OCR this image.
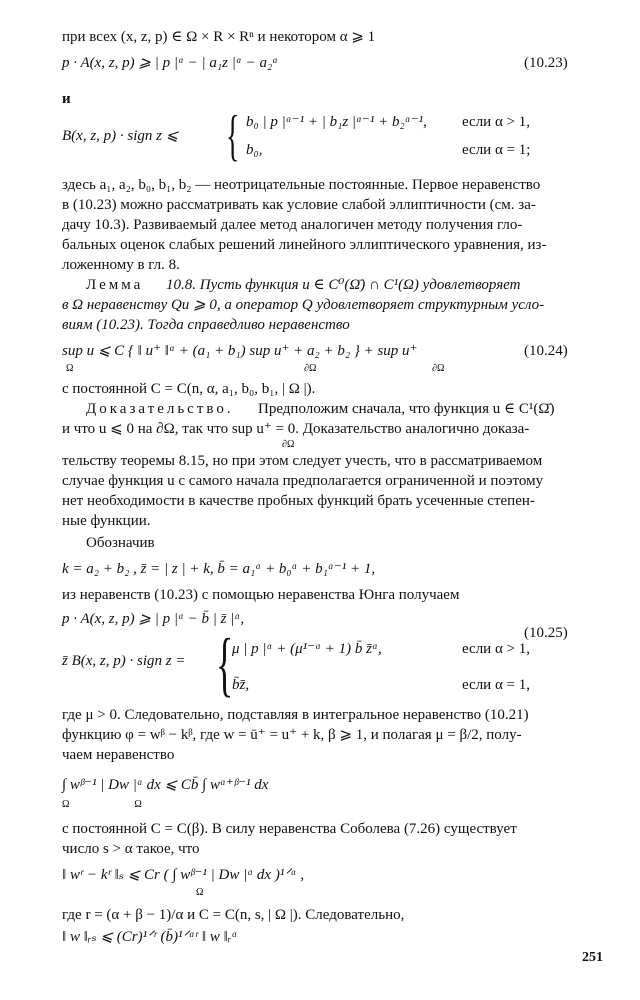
при всех (x, z, p) ∈ Ω × R × Rⁿ и некотором α ⩾ 1
p · A(x, z, p) ⩾ | p |ᵅ − | a₁z |ᵅ − a₂ᵅ	(10.23)
и
B(x, z, p) · sign z ⩽ { b₀ | p |ᵅ⁻¹ + | b₁z |ᵅ⁻¹ + b₂ᵅ⁻¹, если α > 1,
b₀,	если α = 1;
здесь a₁, a₂, b₀, b₁, b₂ — неотрицательные постоянные. Первое неравенство
в (10.23) можно рассматривать как условие слабой эллиптичности (см. за-
дачу 10.3). Развиваемый далее метод аналогичен методу получения гло-
бальных оценок слабых решений линейного эллиптического уравнения, из-
ложенному в гл. 8.
Лемма 10.8. Пусть функция u ∈ C⁰(Ω̄) ∩ C¹(Ω) удовлетворяет
в Ω неравенству Qu ⩾ 0, а оператор Q удовлетворяет структурным усло-
виям (10.23). Тогда справедливо неравенство
sup u ⩽ C { ‖ u⁺ ‖ᵅ + (a₁ + b₁) sup u⁺ + a₂ + b₂ } + sup u⁺
Ω	∂Ω	∂Ω
(10.24)
с постоянной C = C(n, α, a₁, b₀, b₁, | Ω |).
Доказательство. Предположим сначала, что функция u ∈ C¹(Ω̄)
и что u ⩽ 0 на ∂Ω, так что sup u⁺ = 0. Доказательство аналогично доказа-
∂Ω
тельству теоремы 8.15, но при этом следует учесть, что в рассматриваемом
случае функция u с самого начала предполагается ограниченной и поэтому
нет необходимости в качестве пробных функций брать усеченные степен-
ные функции.
Обозначив
k = a₂ + b₂ , z̄ = | z | + k, b̄ = a₁ᵅ + b₀ᵅ + b₁ᵅ⁻¹ + 1,
из неравенств (10.23) с помощью неравенства Юнга получаем
p · A(x, z, p) ⩾ | p |ᵅ − b̄ | z̄ |ᵅ,
(10.25)
z̄ B(x, z, p) · sign z = {
μ | p |ᵅ + (μ¹⁻ᵅ + 1) b̄ z̄ᵅ,	если α > 1,
b̄z̄,	если α = 1,
где μ > 0. Следовательно, подставляя в интегральное неравенство (10.21)
функцию φ = wᵝ − kᵝ, где w = ū⁺ = u⁺ + k, β ⩾ 1, и полагая μ = β/2, полу-
чаем неравенство
∫ wᵝ⁻¹ | Dw |ᵅ dx ⩽ Cb̄ ∫ wᵅ⁺ᵝ⁻¹ dx
Ω                          Ω
с постоянной C = C(β). В силу неравенства Соболева (7.26) существует
число s > α такое, что
‖ wʳ − kʳ ‖ₛ ⩽ Cr ( ∫ wᵝ⁻¹ | Dw |ᵅ dx )¹ᐟᵅ ,
Ω
где r = (α + β − 1)/α и C = C(n, s, | Ω |). Следовательно,
‖ w ‖ᵣₛ ⩽ (Cr)¹ᐟʳ (b̄)¹ᐟᵅʳ ‖ w ‖ᵣᵅ
251
